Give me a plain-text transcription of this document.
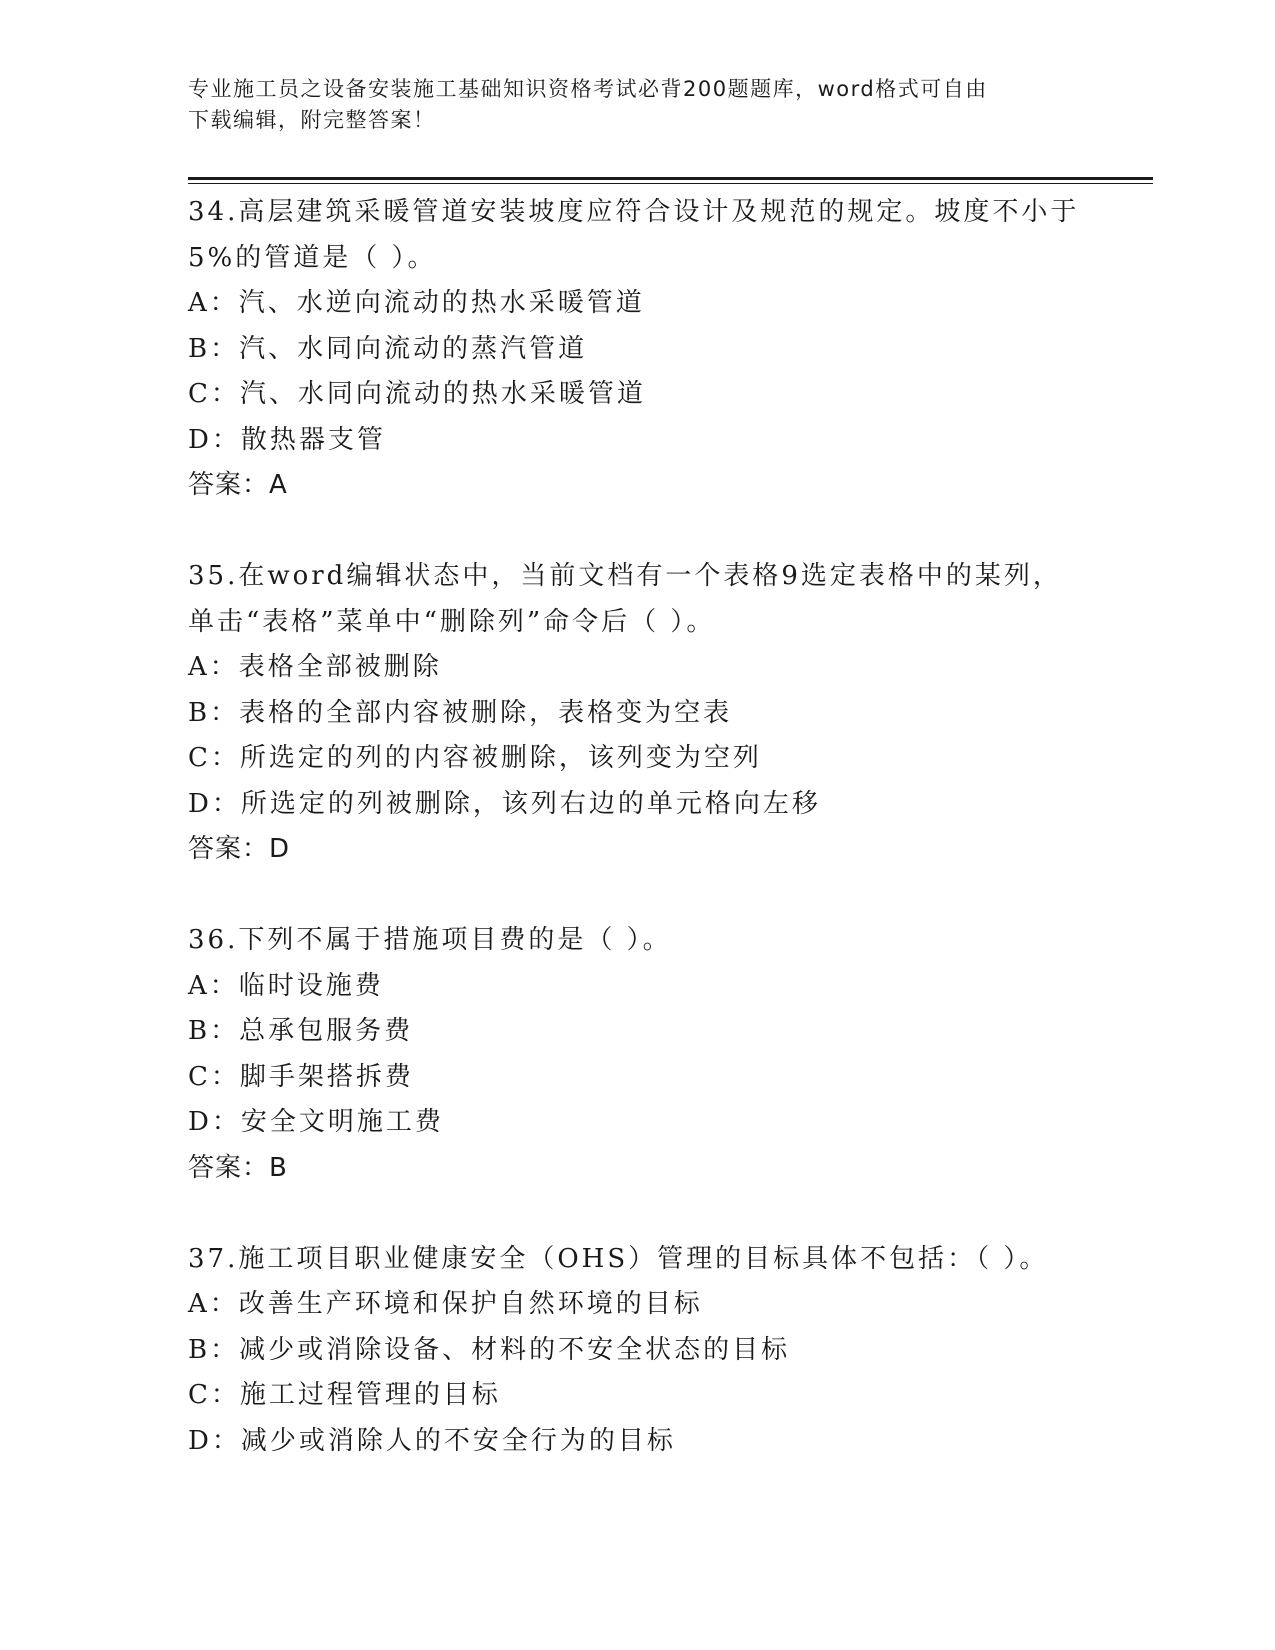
专业施工员之设备安装施工基础知识资格考试必背200题题库，word格式可自由
下载编辑，附完整答案！
34.高层建筑采暖管道安装坡度应符合设计及规范的规定。坡度不小于
5%的管道是（ ）。
A：汽、水逆向流动的热水采暖管道
B：汽、水同向流动的蒸汽管道
C：汽、水同向流动的热水采暖管道
D：散热器支管
答案：A
35.在word编辑状态中，当前文档有一个表格9选定表格中的某列，
单击“表格”菜单中“删除列”命令后（ ）。
A：表格全部被删除
B：表格的全部内容被删除，表格变为空表
C：所选定的列的内容被删除，该列变为空列
D：所选定的列被删除，该列右边的单元格向左移
答案：D
36.下列不属于措施项目费的是（ ）。
A：临时设施费
B：总承包服务费
C：脚手架搭拆费
D：安全文明施工费
答案：B
37.施工项目职业健康安全（OHS）管理的目标具体不包括：（ ）。
A：改善生产环境和保护自然环境的目标
B：减少或消除设备、材料的不安全状态的目标
C：施工过程管理的目标
D：减少或消除人的不安全行为的目标
